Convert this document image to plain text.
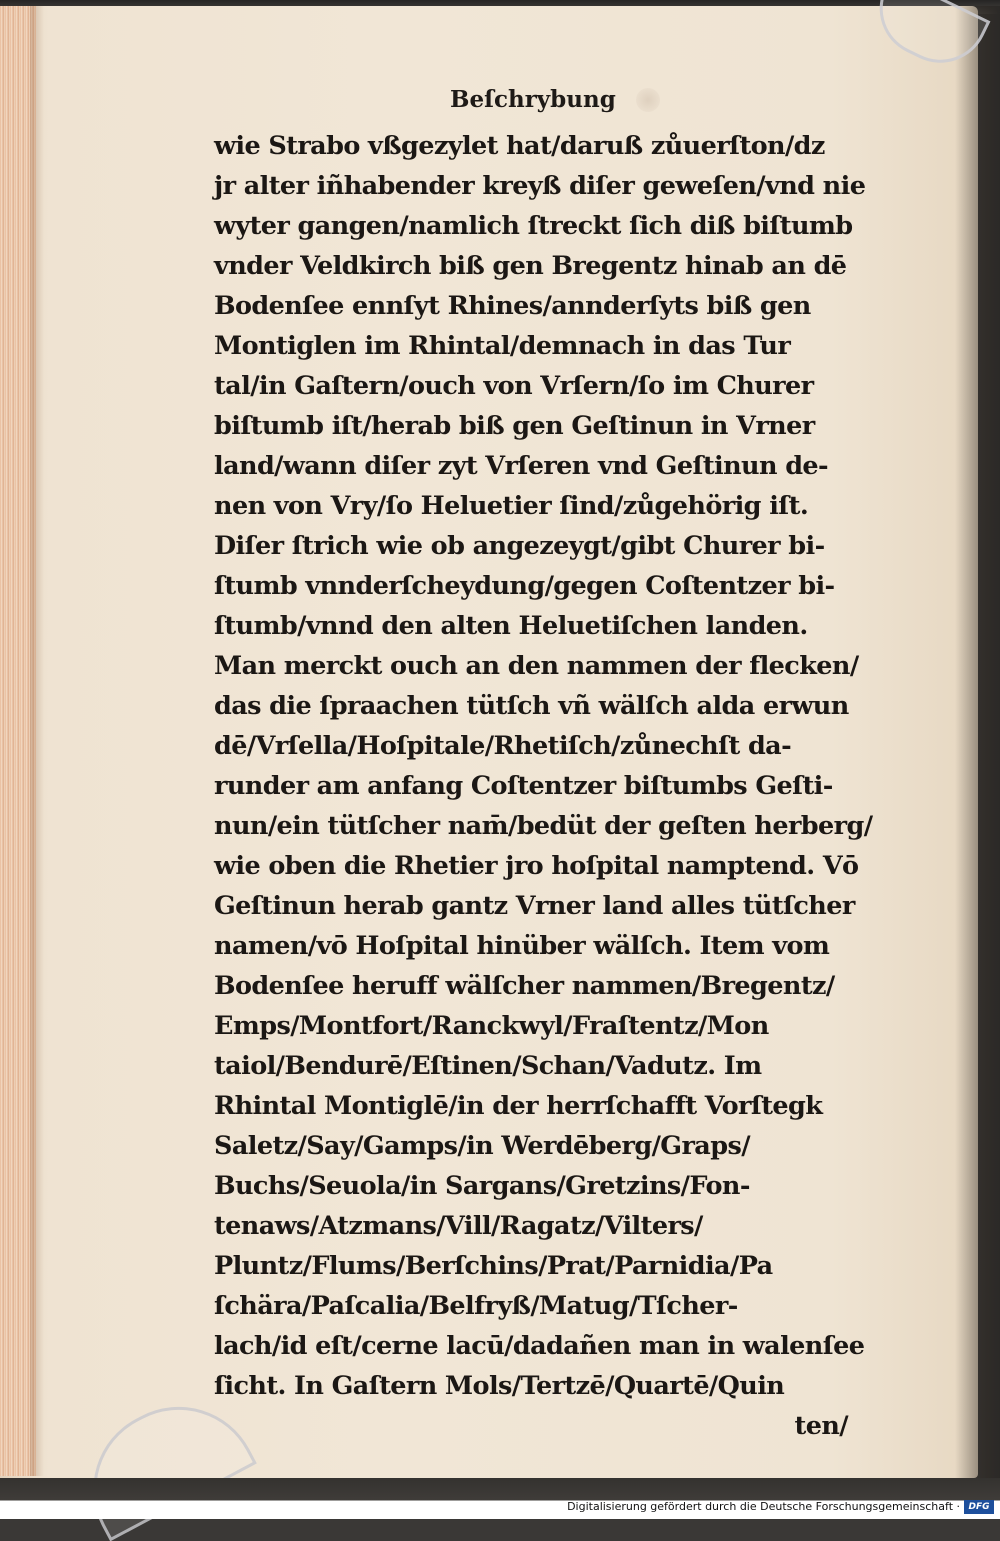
Beſchrybung
wie Strabo vßgezylet hat/daruß zůuerſton/dz
jr alter iñhabender kreyß diſer geweſen/vnd nie
wyter gangen/namlich ſtreckt ſich diß biſtumb
vnder Veldkirch biß gen Bregentz hinab an dē
Bodenſee ennſyt Rhines/annderſyts biß gen
Montiglen im Rhintal/demnach in das Tur
tal/in Gaſtern/ouch von Vrſern/ſo im Churer
biſtumb iſt/herab biß gen Geſtinun in Vrner
land/wann diſer zyt Vrſeren vnd Geſtinun de-
nen von Vry/ſo Heluetier ſind/zůgehörig iſt.
Diſer ſtrich wie ob angezeygt/gibt Churer bi-
ſtumb vnnderſcheydung/gegen Coſtentzer bi-
ſtumb/vnnd den alten Heluetiſchen landen.
Man merckt ouch an den nammen der flecken/
das die ſpraachen tütſch vñ wälſch alda erwun
dē/Vrſella/Hoſpitale/Rhetiſch/zůnechſt da-
runder am anfang Coſtentzer biſtumbs Geſti-
nun/ein tütſcher nam̄/bedüt der geſten herberg/
wie oben die Rhetier jro hoſpital namptend. Vō
Geſtinun herab gantz Vrner land alles tütſcher
namen/vō Hoſpital hinüber wälſch. Item vom
Bodenſee heruff wälſcher nammen/Bregentz/
Emps/Montfort/Ranckwyl/Fraſtentz/Mon
taiol/Bendurē/Eſtinen/Schan/Vadutz. Im
Rhintal Montiglē/in der herrſchafft Vorſtegk
Saletz/Say/Gamps/in Werdēberg/Graps/
Buchs/Seuola/in Sargans/Gretzins/Fon-
tenaws/Atzmans/Vill/Ragatz/Vilters/
Pluntz/Flums/Berſchins/Prat/Parnidia/Pa
ſchära/Paſcalia/Belfryß/Matug/Tſcher-
lach/id eſt/cerne lacū/dadañen man in walenſee
ſicht. In Gaſtern Mols/Tertzē/Quartē/Quin
ten/
Digitalisierung gefördert durch die Deutsche Forschungsgemeinschaft · DFG
